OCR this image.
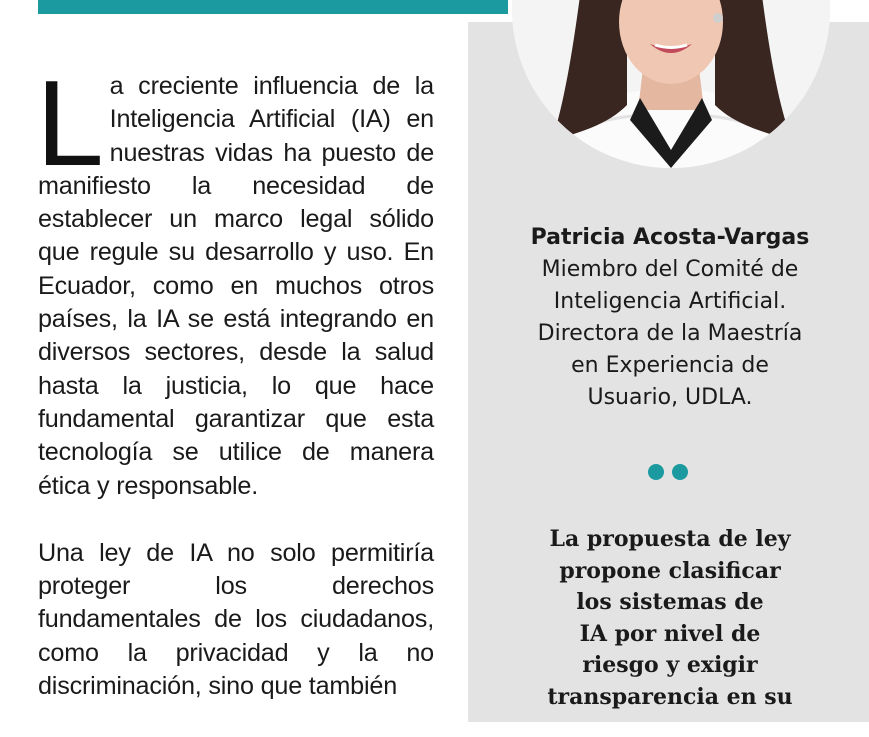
La creciente influencia de la Inteligencia Artificial (IA) en nuestras vidas ha puesto de manifiesto la necesidad de establecer un marco legal sólido que regule su desarrollo y uso. En Ecuador, como en muchos otros países, la IA se está integrando en diversos sectores, desde la salud hasta la justicia, lo que hace fundamental garantizar que esta tecnología se utilice de manera ética y responsable.

Una ley de IA no solo permitiría proteger los derechos fundamentales de los ciudadanos, como la privacidad y la no discriminación, sino que también

Patricia Acosta-Vargas
Miembro del Comité de
Inteligencia Artificial.
Directora de la Maestría
en Experiencia de
Usuario, UDLA.
La propuesta de ley
propone clasificar
los sistemas de
IA por nivel de
riesgo y exigir
transparencia en su
